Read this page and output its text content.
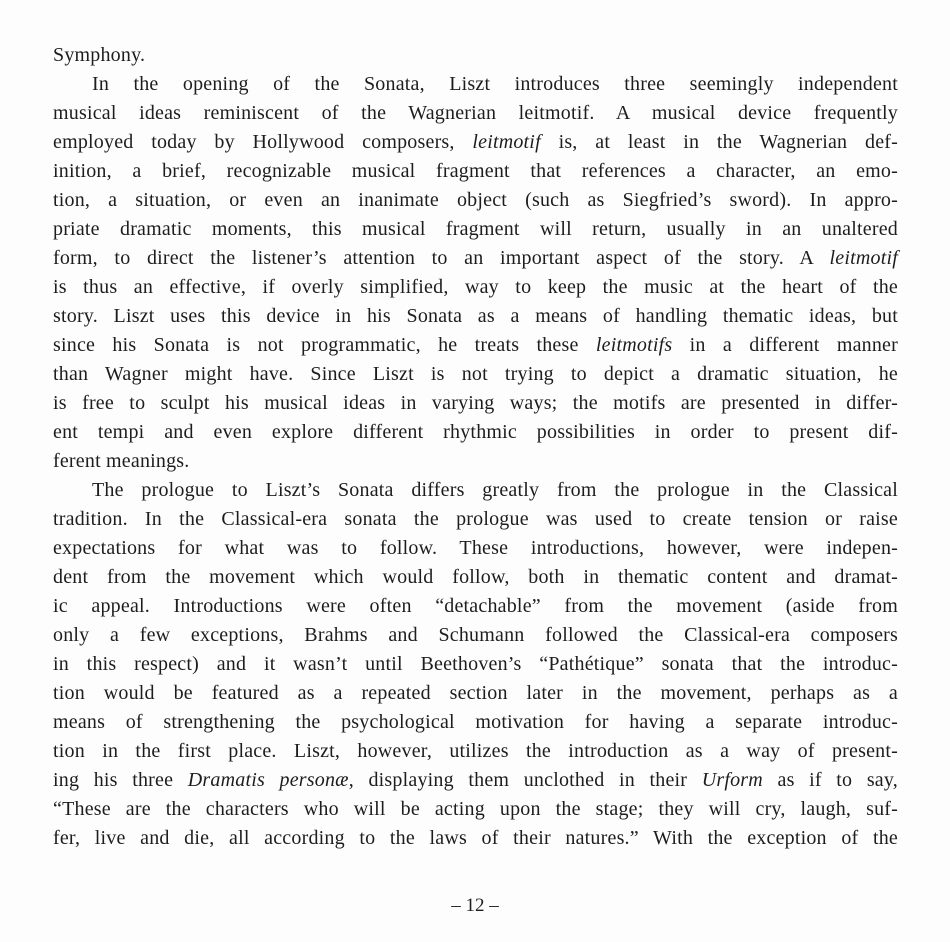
Symphony.
In the opening of the Sonata, Liszt introduces three seemingly independent
musical ideas reminiscent of the Wagnerian leitmotif. A musical device frequently
employed today by Hollywood composers, leitmotif is, at least in the Wagnerian def-
inition, a brief, recognizable musical fragment that references a character, an emo-
tion, a situation, or even an inanimate object (such as Siegfried’s sword). In appro-
priate dramatic moments, this musical fragment will return, usually in an unaltered
form, to direct the listener’s attention to an important aspect of the story. A leitmotif
is thus an effective, if overly simplified, way to keep the music at the heart of the
story. Liszt uses this device in his Sonata as a means of handling thematic ideas, but
since his Sonata is not programmatic, he treats these leitmotifs in a different manner
than Wagner might have. Since Liszt is not trying to depict a dramatic situation, he
is free to sculpt his musical ideas in varying ways; the motifs are presented in differ-
ent tempi and even explore different rhythmic possibilities in order to present dif-
ferent meanings.
The prologue to Liszt’s Sonata differs greatly from the prologue in the Classical
tradition. In the Classical-era sonata the prologue was used to create tension or raise
expectations for what was to follow. These introductions, however, were indepen-
dent from the movement which would follow, both in thematic content and dramat-
ic appeal. Introductions were often “detachable” from the movement (aside from
only a few exceptions, Brahms and Schumann followed the Classical-era composers
in this respect) and it wasn’t until Beethoven’s “Pathétique” sonata that the introduc-
tion would be featured as a repeated section later in the movement, perhaps as a
means of strengthening the psychological motivation for having a separate introduc-
tion in the first place. Liszt, however, utilizes the introduction as a way of present-
ing his three Dramatis personæ, displaying them unclothed in their Urform as if to say,
“These are the characters who will be acting upon the stage; they will cry, laugh, suf-
fer, live and die, all according to the laws of their natures.” With the exception of the
– 12 –
